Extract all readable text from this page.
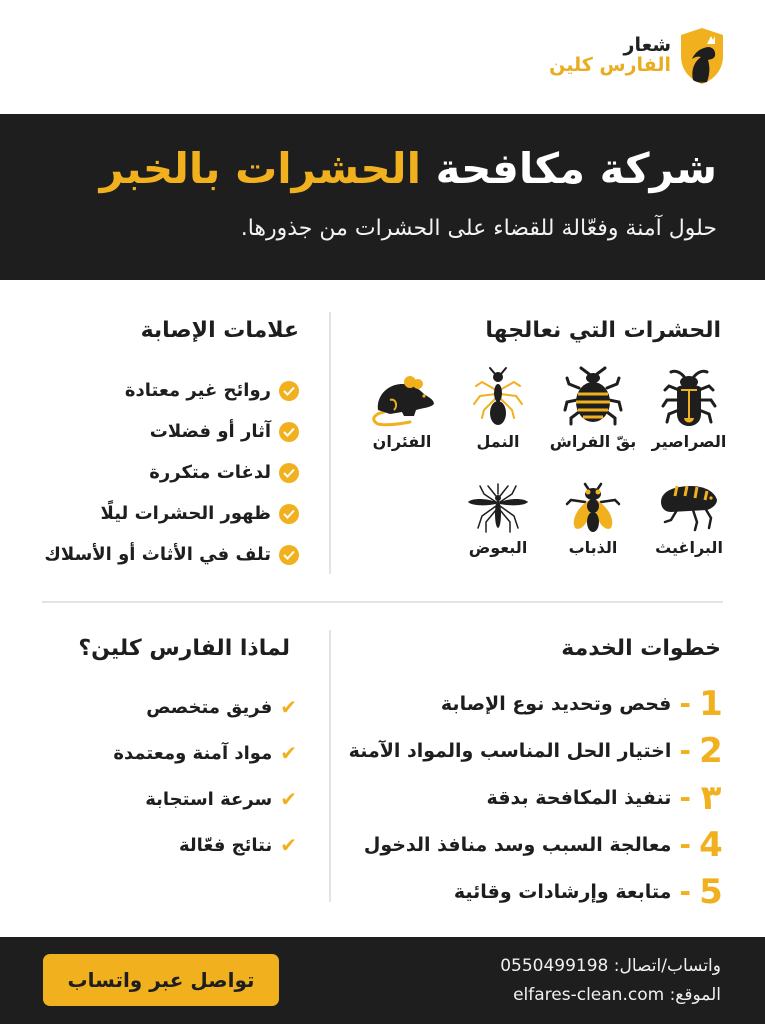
شعار
الفارس كلين
شركة مكافحة الحشرات بالخبر

حلول آمنة وفعّالة للقضاء على الحشرات من جذورها.

الحشرات التي نعالجها
الصراصير
بقّ الفراش
النمل
الفئران
البراغيث
الذباب
البعوض
علامات الإصابة
روائح غير معتادة
آثار أو فضلات
لدغات متكررة
ظهور الحشرات ليلًا
تلف في الأثاث أو الأسلاك
خطوات الخدمة
1
-
فحص وتحديد نوع الإصابة
2
-
اختيار الحل المناسب والمواد الآمنة
٣
-
تنفيذ المكافحة بدقة
4
-
معالجة السبب وسد منافذ الدخول
5
-
متابعة وإرشادات وقائية
لماذا الفارس كلين؟
✔
فريق متخصص
✔
مواد آمنة ومعتمدة
✔
سرعة استجابة
✔
نتائج فعّالة
واتساب/اتصال: 0550499198
الموقع: elfares-clean.com
تواصل عبر واتساب
